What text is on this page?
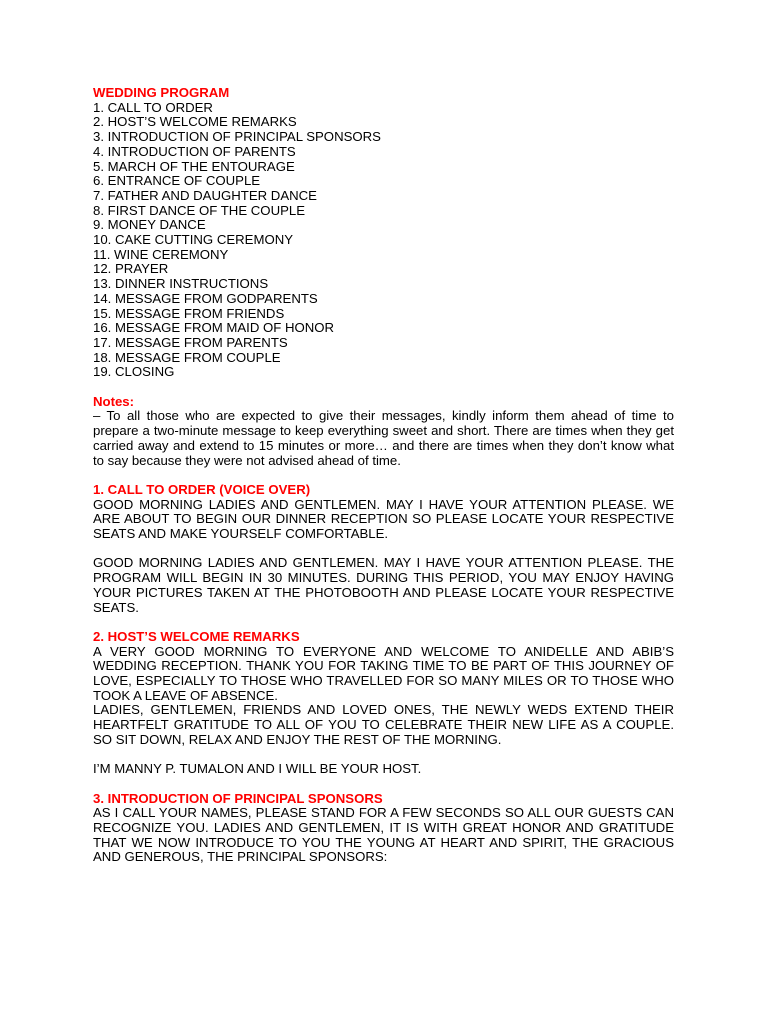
WEDDING PROGRAM
1. CALL TO ORDER
2. HOST’S WELCOME REMARKS
3. INTRODUCTION OF PRINCIPAL SPONSORS
4. INTRODUCTION OF PARENTS
5. MARCH OF THE ENTOURAGE
6. ENTRANCE OF COUPLE
7. FATHER AND DAUGHTER DANCE
8. FIRST DANCE OF THE COUPLE
9. MONEY DANCE
10. CAKE CUTTING CEREMONY
11. WINE CEREMONY
12. PRAYER
13. DINNER INSTRUCTIONS
14. MESSAGE FROM GODPARENTS
15. MESSAGE FROM FRIENDS
16. MESSAGE FROM MAID OF HONOR
17. MESSAGE FROM PARENTS
18. MESSAGE FROM COUPLE
19. CLOSING
Notes:
– To all those who are expected to give their messages, kindly inform them ahead of time to prepare a two-minute message to keep everything sweet and short. There are times when they get carried away and extend to 15 minutes or more… and there are times when they don’t know what to say because they were not advised ahead of time.
1. CALL TO ORDER (VOICE OVER)
GOOD MORNING LADIES AND GENTLEMEN. MAY I HAVE YOUR ATTENTION PLEASE. WE ARE ABOUT TO BEGIN OUR DINNER RECEPTION SO PLEASE LOCATE YOUR RESPECTIVE SEATS AND MAKE YOURSELF COMFORTABLE.
GOOD MORNING LADIES AND GENTLEMEN. MAY I HAVE YOUR ATTENTION PLEASE. THE PROGRAM WILL BEGIN IN 30 MINUTES. DURING THIS PERIOD, YOU MAY ENJOY HAVING YOUR PICTURES TAKEN AT THE PHOTOBOOTH AND PLEASE LOCATE YOUR RESPECTIVE SEATS.
2. HOST’S WELCOME REMARKS
A VERY GOOD MORNING TO EVERYONE AND WELCOME TO ANIDELLE AND ABIB’S WEDDING RECEPTION. THANK YOU FOR TAKING TIME TO BE PART OF THIS JOURNEY OF LOVE, ESPECIALLY TO THOSE WHO TRAVELLED FOR SO MANY MILES OR TO THOSE WHO TOOK A LEAVE OF ABSENCE.
LADIES, GENTLEMEN, FRIENDS AND LOVED ONES, THE NEWLY WEDS EXTEND THEIR HEARTFELT GRATITUDE TO ALL OF YOU TO CELEBRATE THEIR NEW LIFE AS A COUPLE. SO SIT DOWN, RELAX AND ENJOY THE REST OF THE MORNING.
I’M MANNY P. TUMALON AND I WILL BE YOUR HOST.
3. INTRODUCTION OF PRINCIPAL SPONSORS
AS I CALL YOUR NAMES, PLEASE STAND FOR A FEW SECONDS SO ALL OUR GUESTS CAN RECOGNIZE YOU. LADIES AND GENTLEMEN, IT IS WITH GREAT HONOR AND GRATITUDE THAT WE NOW INTRODUCE TO YOU THE YOUNG AT HEART AND SPIRIT, THE GRACIOUS AND GENEROUS, THE PRINCIPAL SPONSORS:
